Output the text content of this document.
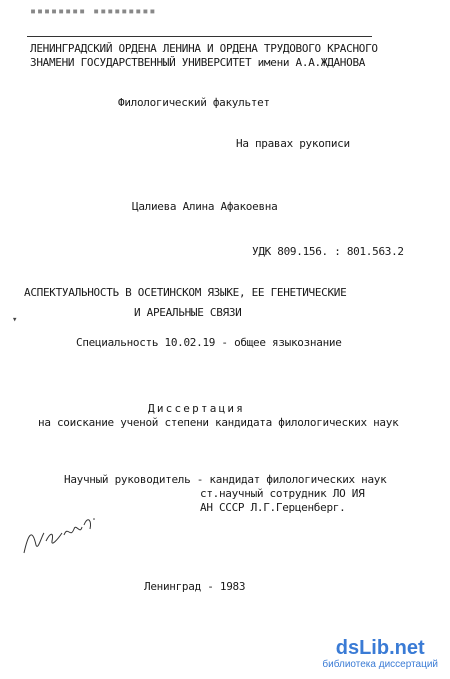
▪▪▪▪▪▪▪▪ ▪▪▪▪▪▪▪▪▪
ЛЕНИНГРАДСКИЙ ОРДЕНА ЛЕНИНА И ОРДЕНА ТРУДОВОГО КРАСНОГО
ЗНАМЕНИ ГОСУДАРСТВЕННЫЙ УНИВЕРСИТЕТ имени А.А.ЖДАНОВА
Филологический факультет
На правах рукописи
Цалиева Алина Афакоевна
УДК 809.156. : 801.563.2
АСПЕКТУАЛЬНОСТЬ В ОСЕТИНСКОМ ЯЗЫКЕ, ЕЕ ГЕНЕТИЧЕСКИЕ
И АРЕАЛЬНЫЕ СВЯЗИ
▾
Специальность 10.02.19 - общее языкознание
Диссертация
на соискание ученой степени кандидата филологических наук
Научный руководитель - кандидат филологических наук
ст.научный сотрудник ЛО ИЯ
АН СССР Л.Г.Герценберг.
Ленинград - 1983
dsLib.net
библиотека диссертаций
